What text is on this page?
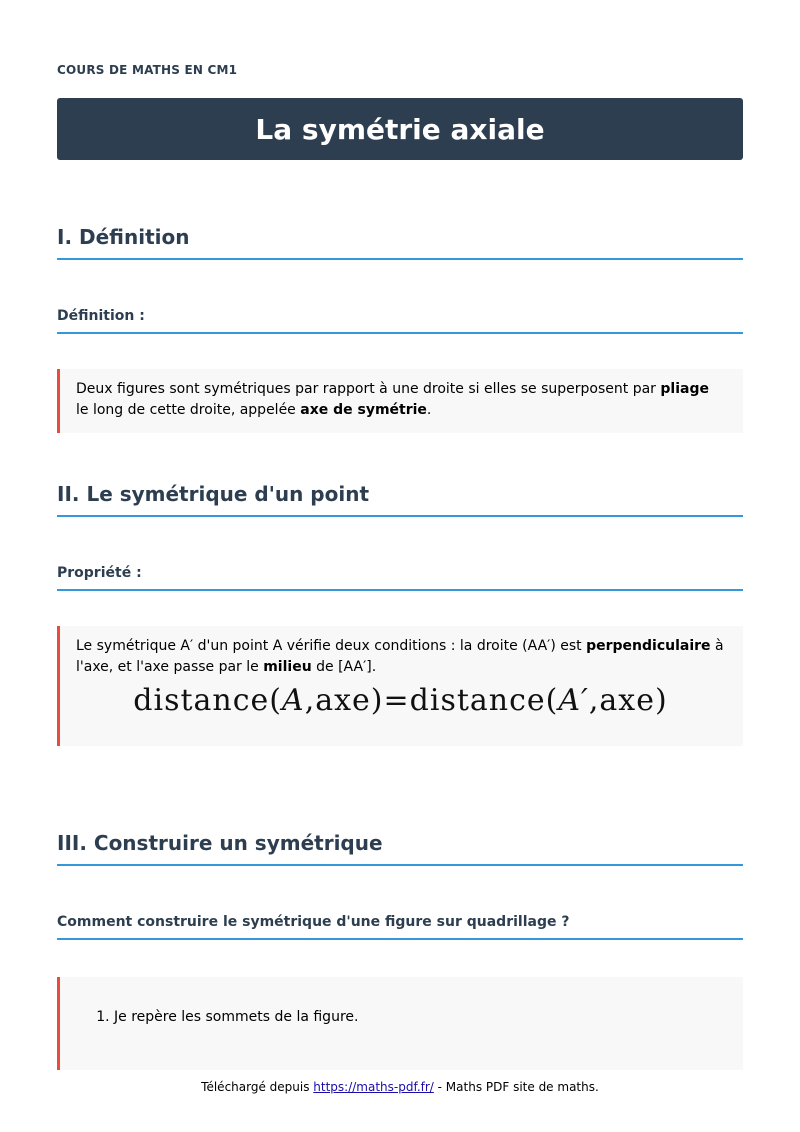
COURS DE MATHS EN CM1
La symétrie axiale
I. Définition
Définition :
Deux figures sont symétriques par rapport à une droite si elles se superposent par pliage le long de cette droite, appelée axe de symétrie.
II. Le symétrique d'un point
Propriété :
Le symétrique A′ d'un point A vérifie deux conditions : la droite (AA′) est perpendiculaire à l'axe, et l'axe passe par le milieu de [AA′].
distance(A,axe)=distance(A′,axe)
III. Construire un symétrique
Comment construire le symétrique d'une figure sur quadrillage ?
1. Je repère les sommets de la figure.
Téléchargé depuis https://maths-pdf.fr/ - Maths PDF site de maths.
